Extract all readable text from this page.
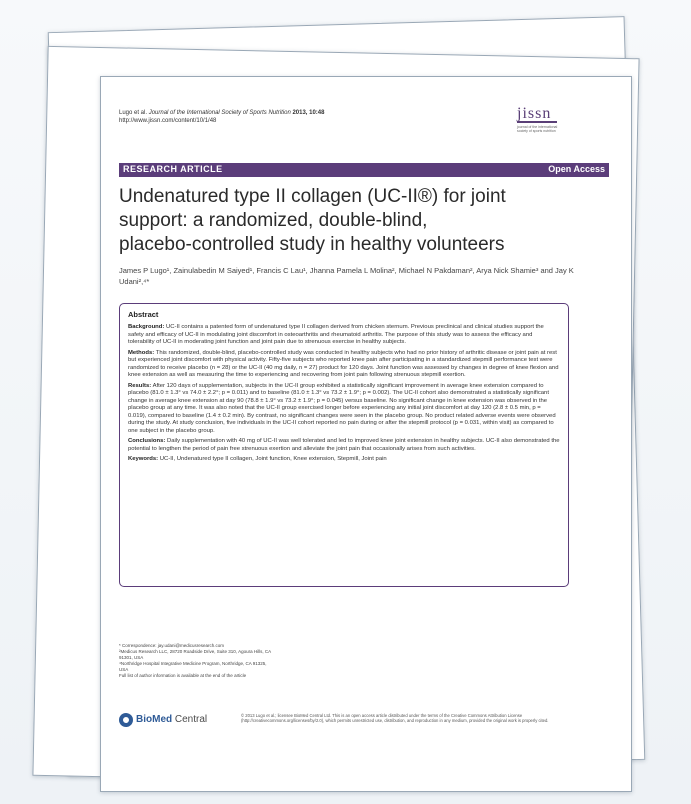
Lugo et al. Journal of the International Society of Sports Nutrition 2013, 10:48
http://www.jissn.com/content/10/1/48	jissn
journal of the international society of sports nutrition
RESEARCH ARTICLE	Open Access
Undenatured type II collagen (UC-II®) for joint
support: a randomized, double-blind,
placebo-controlled study in healthy volunteers
James P Lugo¹, Zainulabedin M Saiyed¹, Francis C Lau¹, Jhanna Pamela L Molina², Michael N Pakdaman², Arya Nick Shamie³ and Jay K Udani²,⁴*
Abstract

Background: UC-II contains a patented form of undenatured type II collagen derived from chicken sternum. Previous preclinical and clinical studies support the safety and efficacy of UC-II in modulating joint discomfort in osteoarthritis and rheumatoid arthritis. The purpose of this study was to assess the efficacy and tolerability of UC-II in moderating joint function and joint pain due to strenuous exercise in healthy subjects.

Methods: This randomized, double-blind, placebo-controlled study was conducted in healthy subjects who had no prior history of arthritic disease or joint pain at rest but experienced joint discomfort with physical activity. Fifty-five subjects who reported knee pain after participating in a standardized stepmill performance test were randomized to receive placebo (n = 28) or the UC-II (40 mg daily, n = 27) product for 120 days. Joint function was assessed by changes in degree of knee flexion and knee extension as well as measuring the time to experiencing and recovering from joint pain following strenuous stepmill exertion.

Results: After 120 days of supplementation, subjects in the UC-II group exhibited a statistically significant improvement in average knee extension compared to placebo (81.0 ± 1.3° vs 74.0 ± 2.2°; p = 0.011) and to baseline (81.0 ± 1.3° vs 73.2 ± 1.9°; p = 0.002). The UC-II cohort also demonstrated a statistically significant change in average knee extension at day 90 (78.8 ± 1.9° vs 73.2 ± 1.9°; p = 0.045) versus baseline. No significant change in knee extension was observed in the placebo group at any time. It was also noted that the UC-II group exercised longer before experiencing any initial joint discomfort at day 120 (2.8 ± 0.5 min, p = 0.019), compared to baseline (1.4 ± 0.2 min). By contrast, no significant changes were seen in the placebo group. No product related adverse events were observed during the study. At study conclusion, five individuals in the UC-II cohort reported no pain during or after the stepmill protocol (p = 0.031, within visit) as compared to one subject in the placebo group.

Conclusions: Daily supplementation with 40 mg of UC-II was well tolerated and led to improved knee joint extension in healthy subjects. UC-II also demonstrated the potential to lengthen the period of pain free strenuous exertion and alleviate the joint pain that occasionally arises from such activities.

Keywords: UC-II, Undenatured type II collagen, Joint function, Knee extension, Stepmill, Joint pain

* Correspondence: jay.udani@medicusresearch.com
²Medicus Research LLC, 28720 Roadside Drive, Suite 310, Agoura Hills, CA
91301, USA
⁴Northridge Hospital Integrative Medicine Program, Northridge, CA 91325,
USA
Full list of author information is available at the end of the article
BioMed Central	© 2013 Lugo et al.; licensee BioMed Central Ltd. This is an open access article distributed under the terms of the Creative Commons Attribution License (http://creativecommons.org/licenses/by/2.0), which permits unrestricted use, distribution, and reproduction in any medium, provided the original work is properly cited.
